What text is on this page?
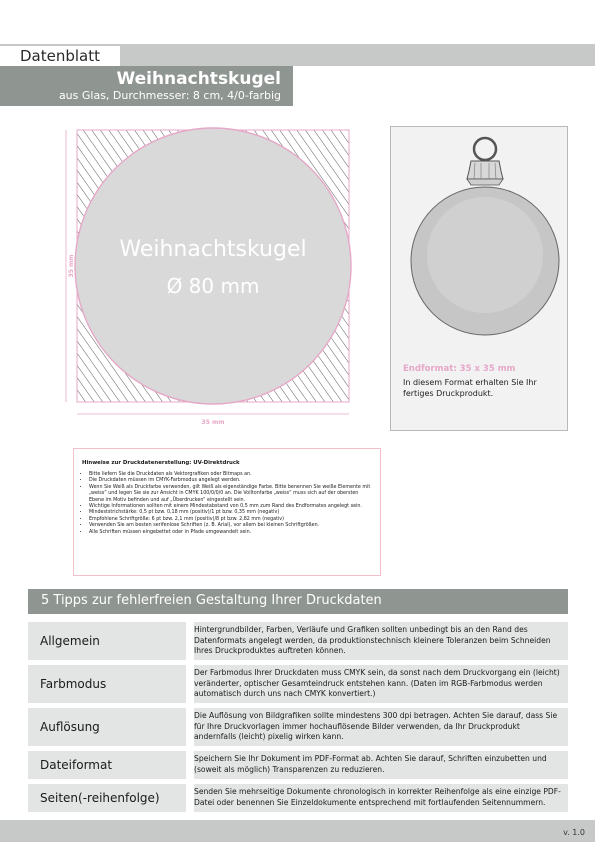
Datenblatt
Weihnachtskugel
aus Glas, Durchmesser: 8 cm, 4/0-farbig
Weihnachtskugel
Ø 80 mm
35 mm
35 mm
Endformat: 35 x 35 mm
In diesem Format erhalten Sie Ihr fertiges Druckprodukt.
Hinweise zur Druckdatenerstellung: UV-Direktdruck
• Bitte liefern Sie die Druckdaten als Vektorgrafiken oder Bitmaps an.
• Die Druckdaten müssen im CMYK-Farbmodus angelegt werden.
• Wenn Sie Weiß als Druckfarbe verwenden, gilt Weiß als eigenständige Farbe. Bitte benennen Sie weiße Elemente mit „weiss“ und legen Sie sie zur Ansicht in CMYK 100/0/0/0 an. Die Volltonfarbe „weiss“ muss sich auf der obersten Ebene im Motiv befinden und auf „Überdrucken“ eingestellt sein.
• Wichtige Informationen sollten mit einem Mindestabstand von 0,5 mm zum Rand des Endformates angelegt sein.
• Mindeststrichstärke: 0,5 pt bzw. 0,18 mm (positiv)/1 pt bzw. 0,35 mm (negativ)
• Empfohlene Schriftgröße: 6 pt bzw. 2,1 mm (positiv)/8 pt bzw. 2,82 mm (negativ)
• Verwenden Sie am besten serifenlose Schriften (z. B. Arial), vor allem bei kleinen Schriftgrößen.
• Alle Schriften müssen eingebettet oder in Pfade umgewandelt sein.
5 Tipps zur fehlerfreien Gestaltung Ihrer Druckdaten
Allgemein
Hintergrundbilder, Farben, Verläufe und Grafiken sollten unbedingt bis an den Rand des Datenformats angelegt werden, da produktionstechnisch kleinere Toleranzen beim Schneiden Ihres Druckproduktes auftreten können.
Farbmodus
Der Farbmodus Ihrer Druckdaten muss CMYK sein, da sonst nach dem Druckvorgang ein (leicht) veränderter, optischer Gesamteindruck entstehen kann. (Daten im RGB-Farbmodus werden automatisch durch uns nach CMYK konvertiert.)
Auflösung
Die Auflösung von Bildgrafiken sollte mindestens 300 dpi betragen. Achten Sie darauf, dass Sie für Ihre Druckvorlagen immer hochauflösende Bilder verwenden, da Ihr Druckprodukt andernfalls (leicht) pixelig wirken kann.
Dateiformat	Speichern Sie Ihr Dokument im PDF-Format ab. Achten Sie darauf, Schriften einzubetten und (soweit als möglich) Transparenzen zu reduzieren.
Seiten(-reihenfolge)	Senden Sie mehrseitige Dokumente chronologisch in korrekter Reihenfolge als eine einzige PDF-Datei oder benennen Sie Einzeldokumente entsprechend mit fortlaufenden Seitennummern.
v. 1.0
